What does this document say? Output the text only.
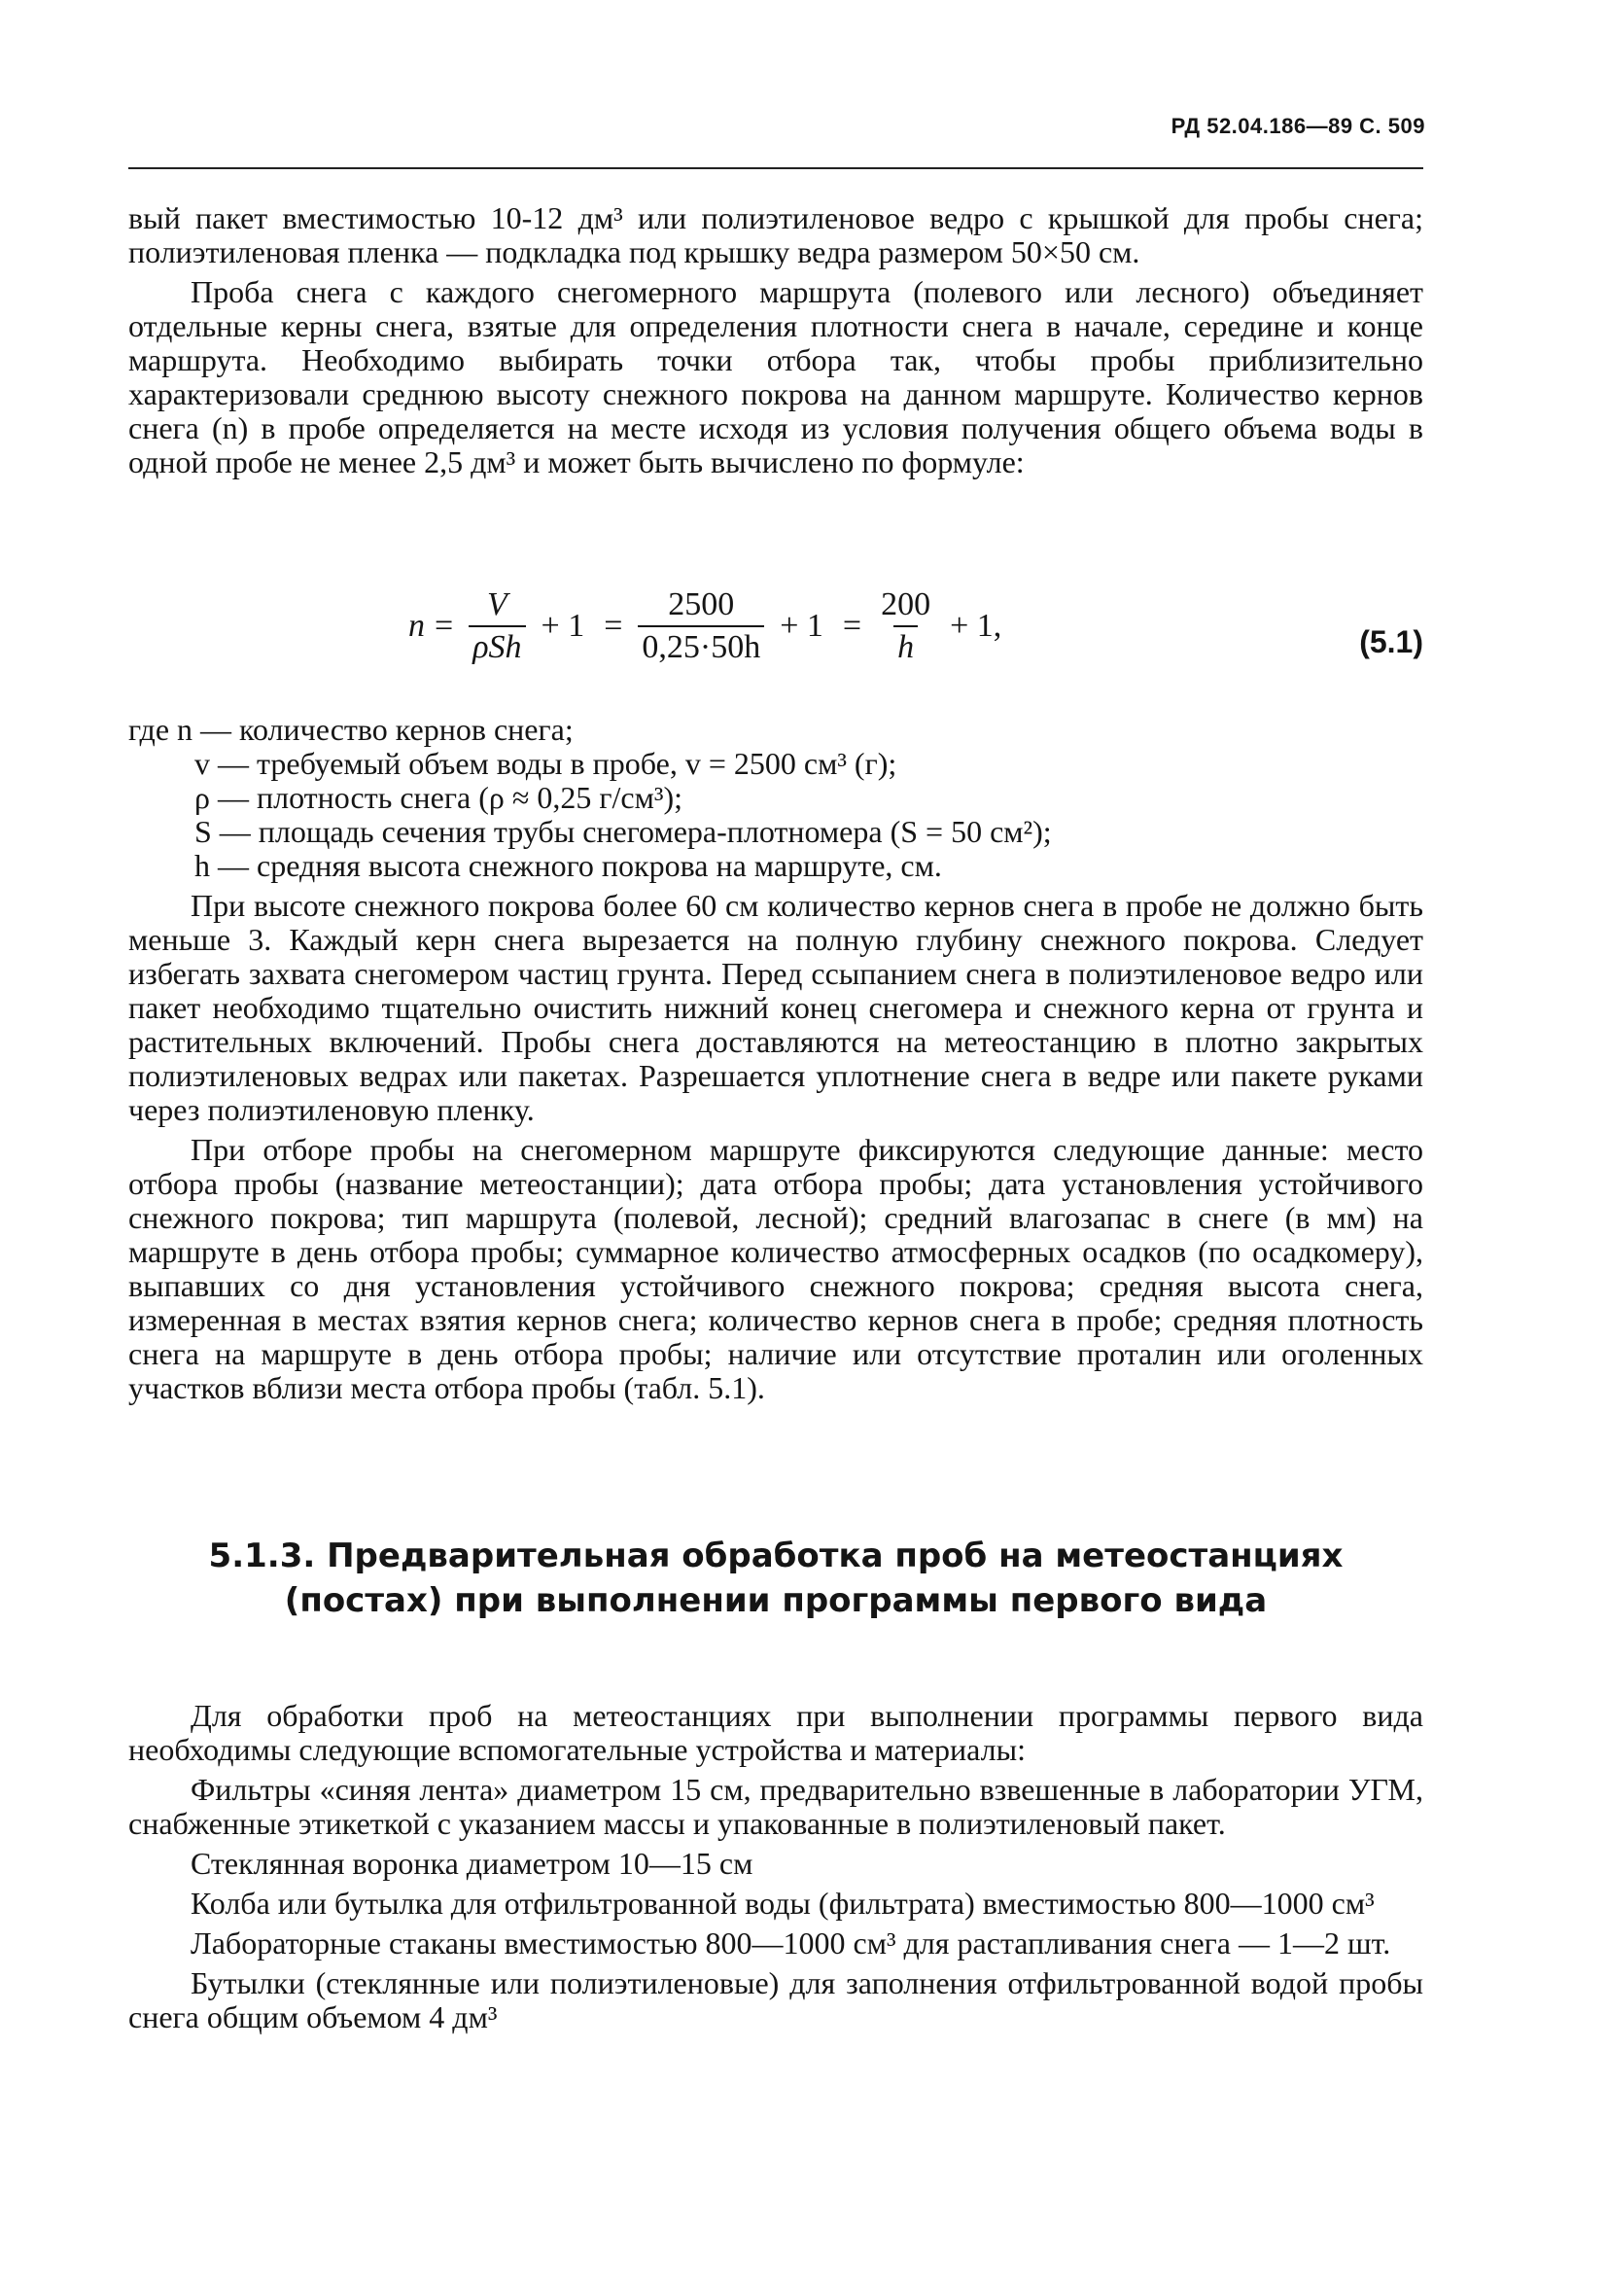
РД 52.04.186—89 С. 509

вый пакет вместимостью 10-12 дм³ или полиэтиленовое ведро с крышкой для пробы снега; полиэтиленовая пленка — подкладка под крышку ведра размером 50×50 см.

Проба снега с каждого снегомерного маршрута (полевого или лесного) объединяет отдельные керны снега, взятые для определения плотности снега в начале, середине и конце маршрута. Необходимо выбирать точки отбора так, чтобы пробы приблизительно характеризовали среднюю высоту снежного покрова на данном маршруте. Количество кернов снега (n) в пробе определяется на месте исходя из условия получения общего объема воды в одной пробе не менее 2,5 дм³ и может быть вычислено по формуле:

$n = \frac{V}{\text{ρSh}} + 1 = \frac{2500}{0,25\cdot 50h} + 1 = \frac{200}{h} + 1$,	(5.1)

где n — количество кернов снега;

v — требуемый объем воды в пробе, v = 2500 см³ (г);

ρ — плотность снега (ρ ≈ 0,25 г/см³);

S — площадь сечения трубы снегомера-плотномера (S = 50 см²);

h — средняя высота снежного покрова на маршруте, см.

При высоте снежного покрова более 60 см количество кернов снега в пробе не должно быть меньше 3. Каждый керн снега вырезается на полную глубину снежного покрова. Следует избегать захвата снегомером частиц грунта. Перед ссыпанием снега в полиэтиленовое ведро или пакет необходимо тщательно очистить нижний конец снегомера и снежного керна от грунта и растительных включений. Пробы снега доставляются на метеостанцию в плотно закрытых полиэтиленовых ведрах или пакетах. Разрешается уплотнение снега в ведре или пакете руками через полиэтиленовую пленку.

При отборе пробы на снегомерном маршруте фиксируются следующие данные: место отбора пробы (название метеостанции); дата отбора пробы; дата установления устойчивого снежного покрова; тип маршрута (полевой, лесной); средний влагозапас в снеге (в мм) на маршруте в день отбора пробы; суммарное количество атмосферных осадков (по осадкомеру), выпавших со дня установления устойчивого снежного покрова; средняя высота снега, измеренная в местах взятия кернов снега; количество кернов снега в пробе; средняя плотность снега на маршруте в день отбора пробы; наличие или отсутствие проталин или оголенных участков вблизи места отбора пробы (табл. 5.1).

5.1.3. Предварительная обработка проб на метеостанциях

(постах) при выполнении программы первого вида

Для обработки проб на метеостанциях при выполнении программы первого вида необходимы следующие вспомогательные устройства и материалы:

Фильтры «синяя лента» диаметром 15 см, предварительно взвешенные в лаборатории УГМ, снабженные этикеткой с указанием массы и упакованные в полиэтиленовый пакет.

Стеклянная воронка диаметром 10—15 см

Колба или бутылка для отфильтрованной воды (фильтрата) вместимостью 800—1000 см³

Лабораторные стаканы вместимостью 800—1000 см³ для растапливания снега — 1—2 шт.

Бутылки (стеклянные или полиэтиленовые) для заполнения отфильтрованной водой пробы снега общим объемом 4 дм³
